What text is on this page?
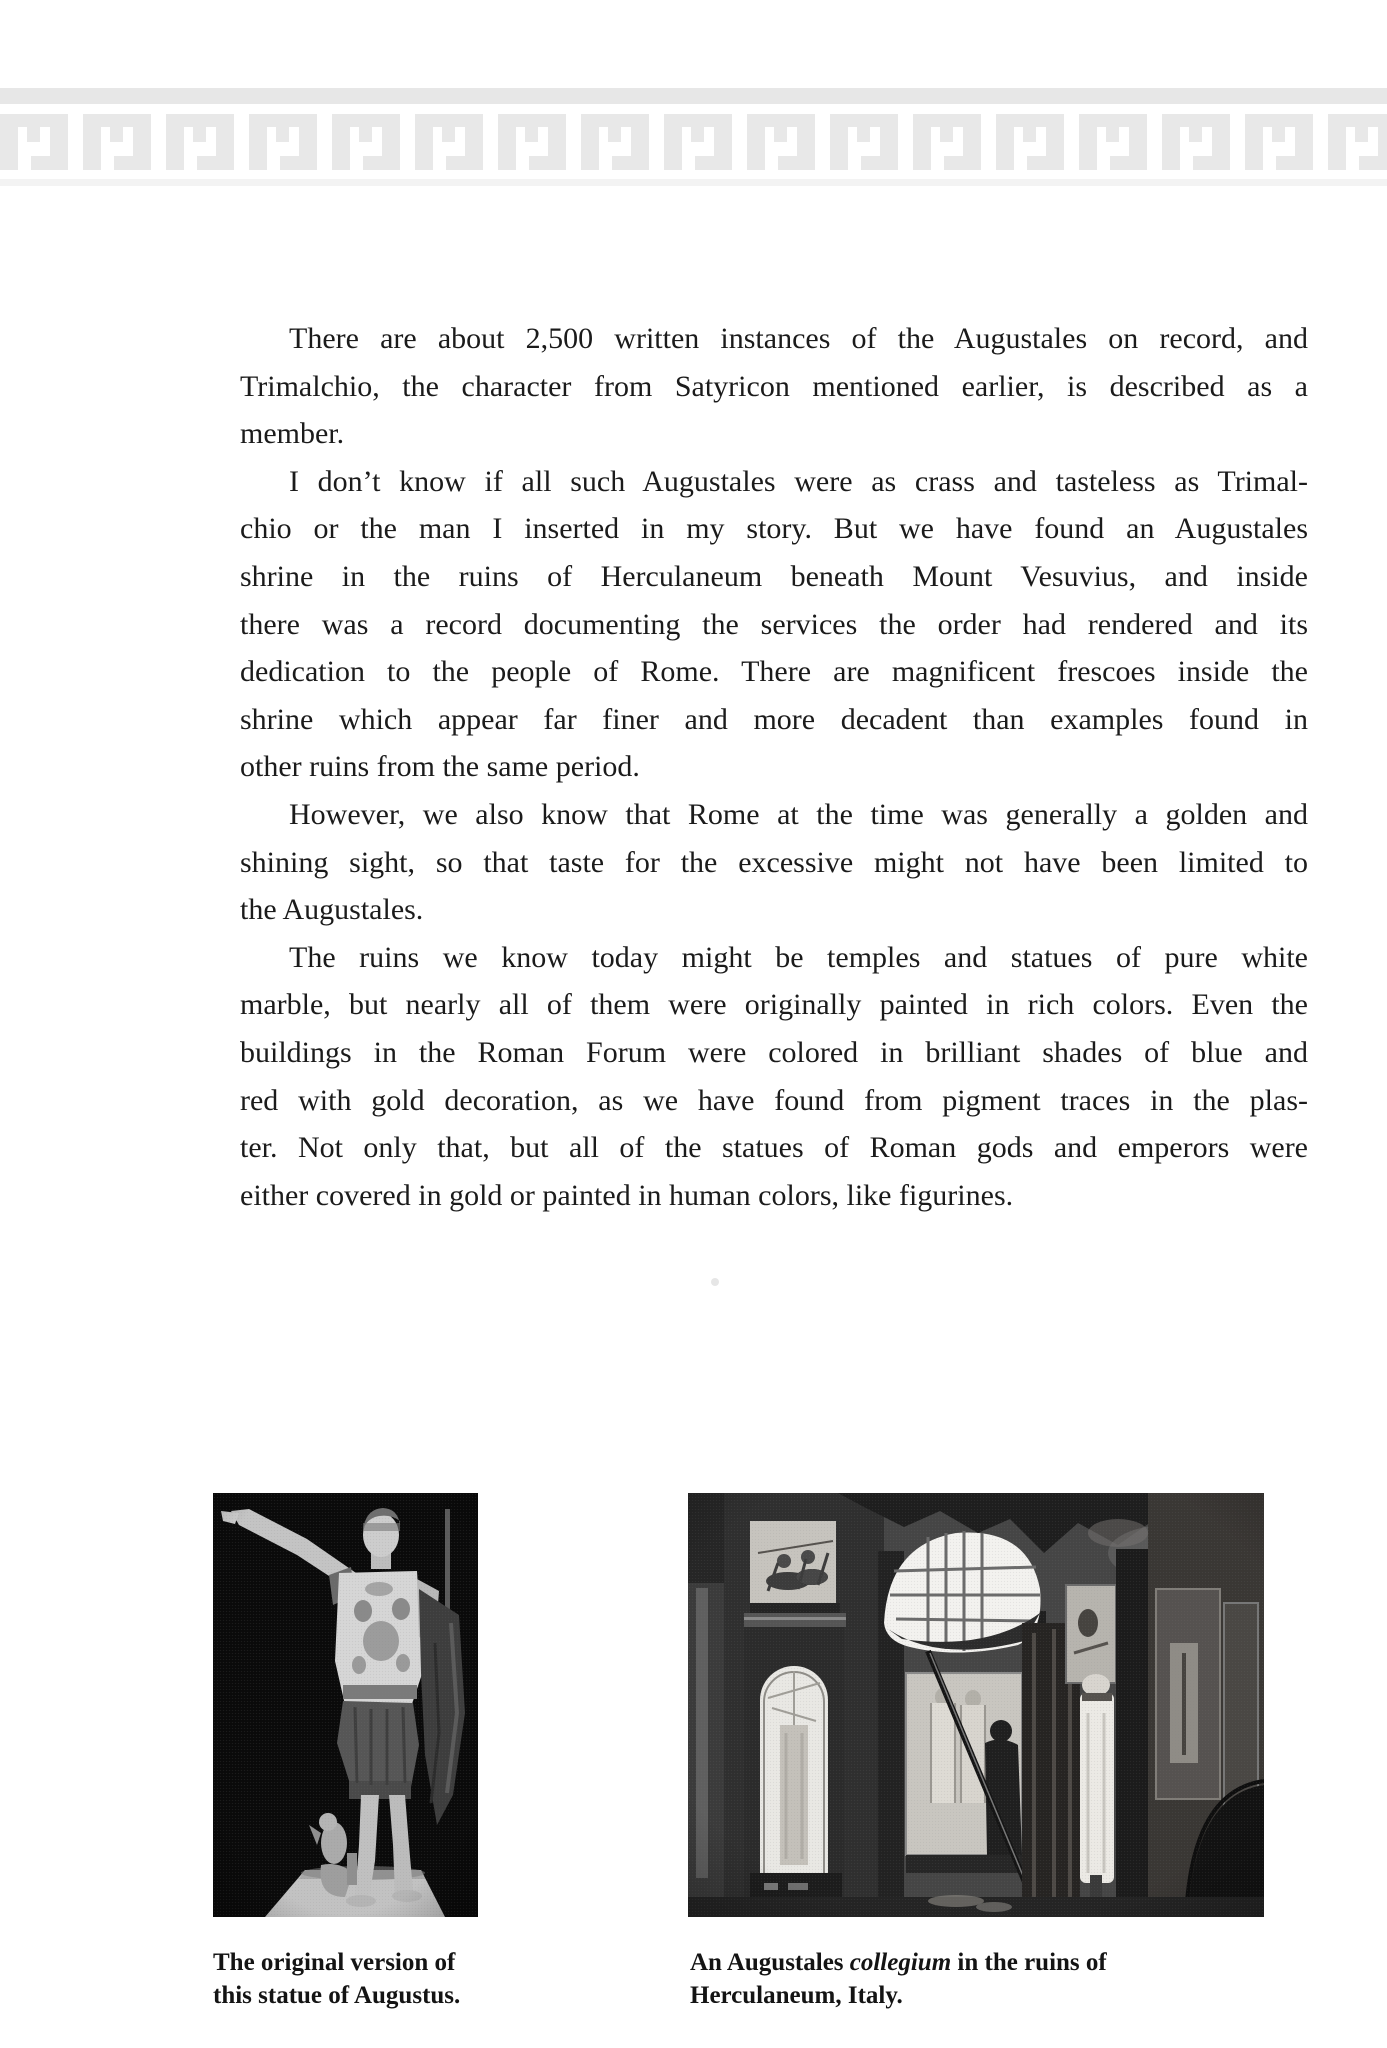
There are about 2,500 written instances of the Augustales on record, and
Trimalchio, the character from Satyricon mentioned earlier, is described as a
member.
I don’t know if all such Augustales were as crass and tasteless as Trimal-
chio or the man I inserted in my story. But we have found an Augustales
shrine in the ruins of Herculaneum beneath Mount Vesuvius, and inside
there was a record documenting the services the order had rendered and its
dedication to the people of Rome. There are magnificent frescoes inside the
shrine which appear far finer and more decadent than examples found in
other ruins from the same period.
However, we also know that Rome at the time was generally a golden and
shining sight, so that taste for the excessive might not have been limited to
the Augustales.
The ruins we know today might be temples and statues of pure white
marble, but nearly all of them were originally painted in rich colors. Even the
buildings in the Roman Forum were colored in brilliant shades of blue and
red with gold decoration, as we have found from pigment traces in the plas-
ter. Not only that, but all of the statues of Roman gods and emperors were
either covered in gold or painted in human colors, like figurines.
The original version of
this statue of Augustus.
An Augustales collegium in the ruins of
Herculaneum, Italy.
